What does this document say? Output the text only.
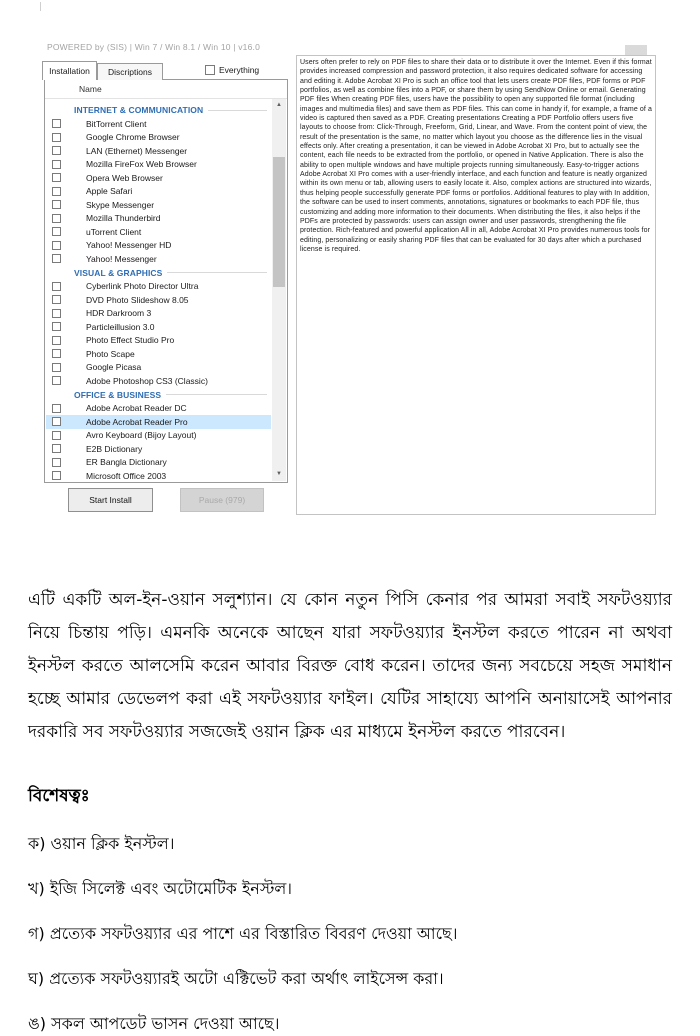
POWERED by (SIS) | Win 7 / Win 8.1 / Win 10 | v16.0
Installation	Discriptions	Everything
Name
INTERNET & COMMUNICATION
BitTorrent Client
Google Chrome Browser
LAN (Ethernet) Messenger
Mozilla FireFox Web Browser
Opera Web Browser
Apple Safari
Skype Messenger
Mozilla Thunderbird
uTorrent Client
Yahoo! Messenger HD
Yahoo! Messenger
VISUAL & GRAPHICS
Cyberlink Photo Director Ultra
DVD Photo Slideshow 8.05
HDR Darkroom 3
Particleillusion 3.0
Photo Effect Studio Pro
Photo Scape
Google Picasa
Adobe Photoshop CS3 (Classic)
OFFICE & BUSINESS
Adobe Acrobat Reader DC
Adobe Acrobat Reader Pro
Avro Keyboard (Bijoy Layout)
E2B Dictionary
ER Bangla Dictionary
Microsoft Office 2003
▲
▼
Start Install	Pause (979)
Users often prefer to rely on PDF files to share their data or to distribute it over the Internet. Even if this format provides increased compression and password protection, it also requires dedicated software for accessing and editing it. Adobe Acrobat XI Pro is such an office tool that lets users create PDF files, PDF forms or PDF portfolios, as well as combine files into a PDF, or share them by using SendNow Online or email. Generating PDF files When creating PDF files, users have the possibility to open any supported file format (including images and multimedia files) and save them as PDF files. This can come in handy if, for example, a frame of a video is captured then saved as a PDF. Creating presentations Creating a PDF Portfolio offers users five layouts to choose from: Click-Through, Freeform, Grid, Linear, and Wave. From the content point of view, the result of the presentation is the same, no matter which layout you choose as the difference lies in the visual effects only. After creating a presentation, it can be viewed in Adobe Acrobat XI Pro, but to actually see the content, each file needs to be extracted from the portfolio, or opened in Native Application. There is also the ability to open multiple windows and have multiple projects running simultaneously. Easy-to-trigger actions Adobe Acrobat XI Pro comes with a user-friendly interface, and each function and feature is neatly organized within its own menu or tab, allowing users to easily locate it. Also, complex actions are structured into wizards, thus helping people successfully generate PDF forms or portfolios. Additional features to play with In addition, the software can be used to insert comments, annotations, signatures or bookmarks to each PDF file, thus customizing and adding more information to their documents. When distributing the files, it also helps if the PDFs are protected by passwords: users can assign owner and user passwords, strengthening the file protection. Rich-featured and powerful application All in all, Adobe Acrobat XI Pro provides numerous tools for editing, personalizing or easily sharing PDF files that can be evaluated for 30 days after which a purchased license is required.
এটি একটি অল-ইন-ওয়ান সলুশ্যান। যে কোন নতুন পিসি কেনার পর আমরা সবাই সফটওয়্যার নিয়ে চিন্তায় পড়ি। এমনকি অনেকে আছেন যারা সফটওয়্যার ইনস্টল করতে পারেন না অথবা ইনস্টল করতে আলসেমি করেন আবার বিরক্ত বোধ করেন। তাদের জন্য সবচেয়ে সহজ সমাধান হচ্ছে আমার ডেভেলপ করা এই সফটওয়্যার ফাইল। যেটির সাহায্যে আপনি অনায়াসেই আপনার দরকারি সব সফটওয়্যার সজজেই ওয়ান ক্লিক এর মাধ্যমে ইনস্টল করতে পারবেন।
বিশেষত্বঃ
ক) ওয়ান ক্লিক ইনস্টল।
খ) ইজি সিলেক্ট এবং অটোমেটিক ইনস্টল।
গ) প্রত্যেক সফটওয়্যার এর পাশে এর বিস্তারিত বিবরণ দেওয়া আছে।
ঘ) প্রত্যেক সফটওয়্যারই অটো এক্টিভেট করা অর্থাৎ লাইসেন্স করা।
ঙ) সকল আপডেট ভাসন দেওয়া আছে।
